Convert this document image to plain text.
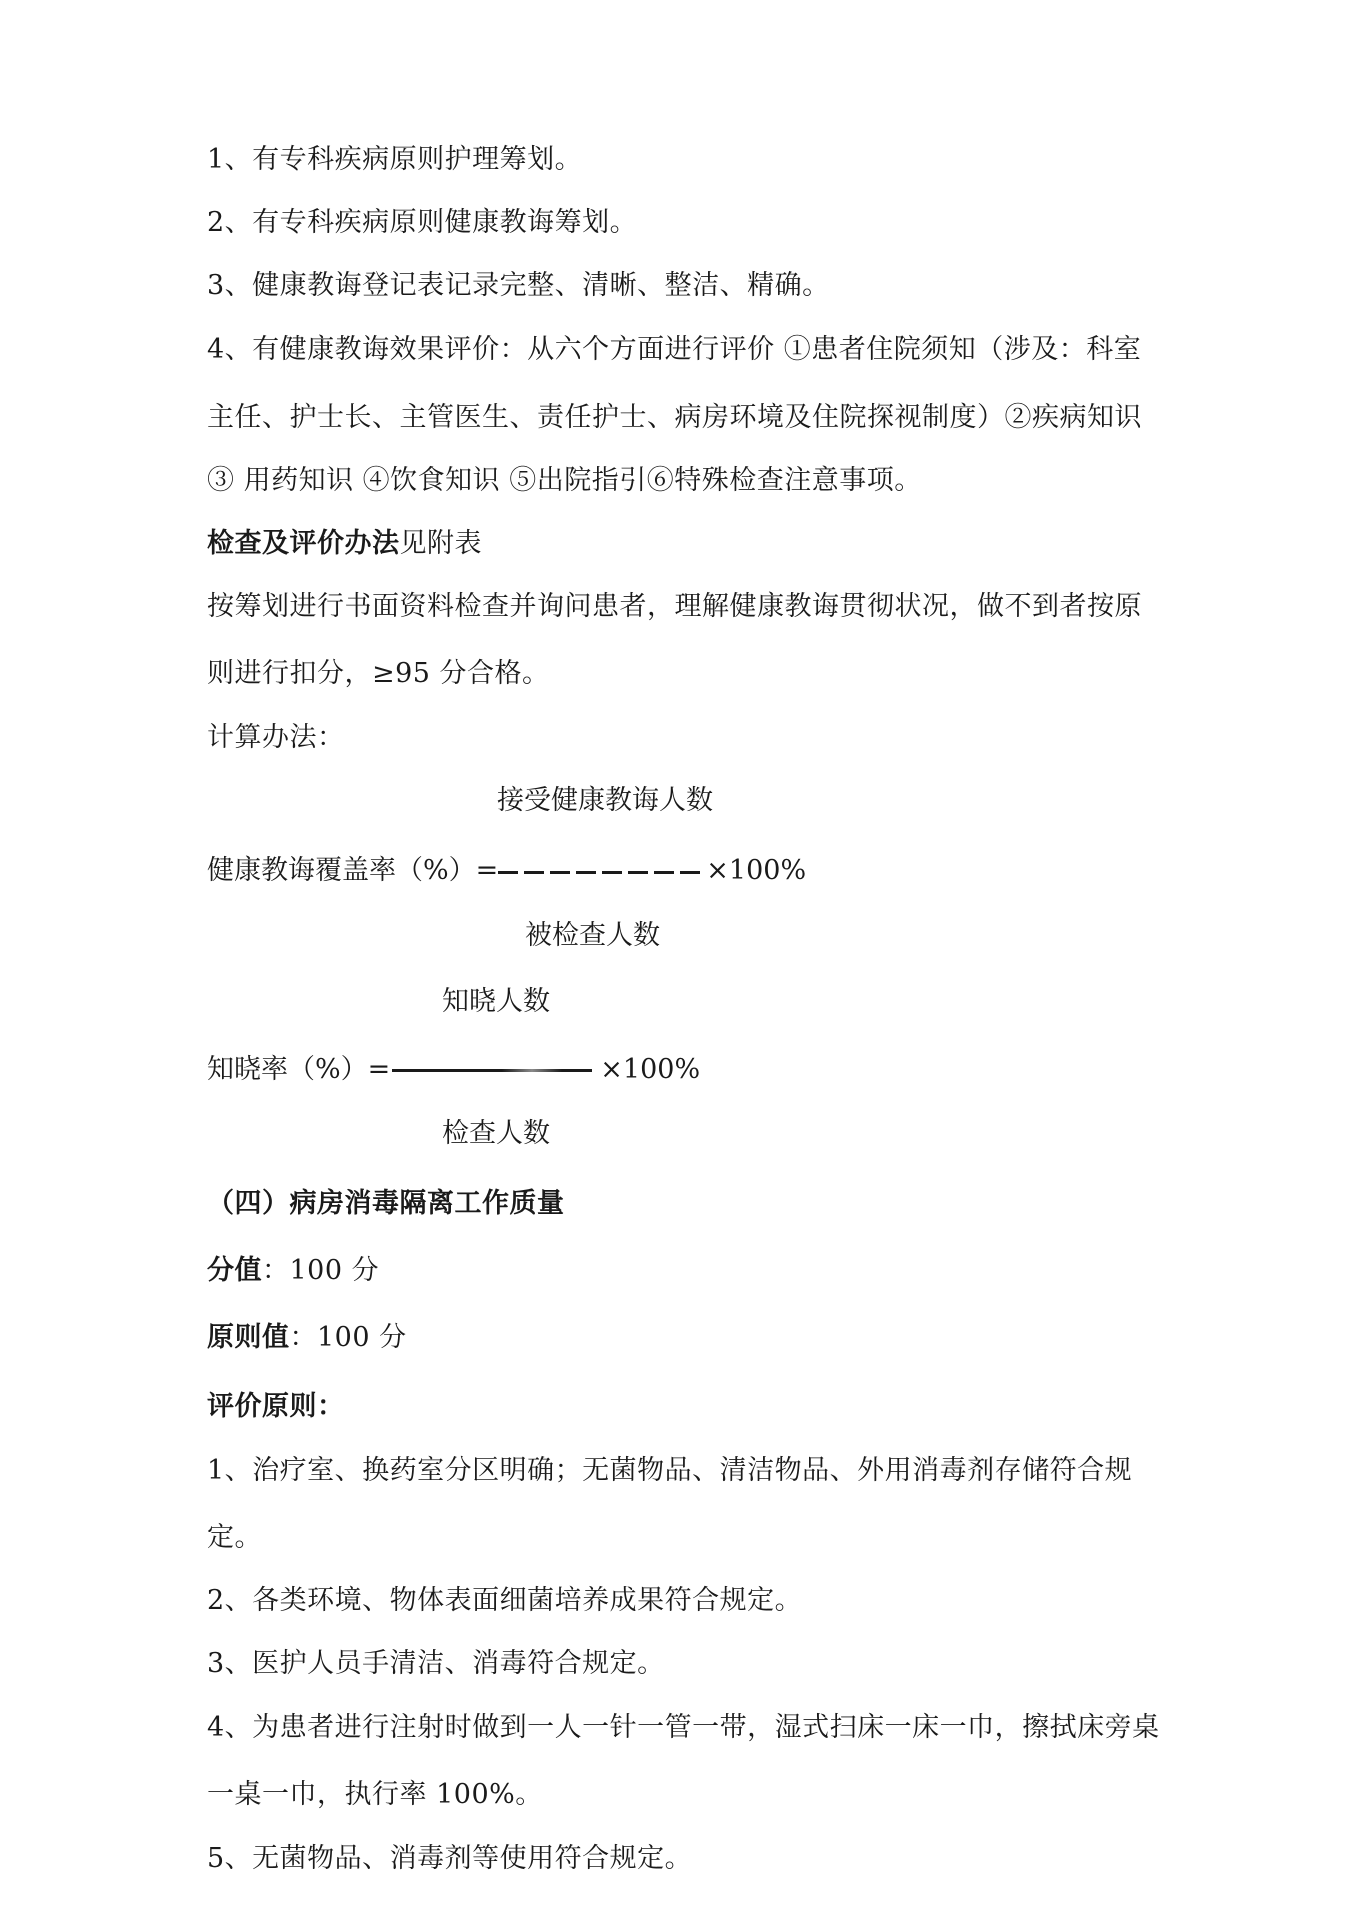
1、有专科疾病原则护理筹划。
2、有专科疾病原则健康教诲筹划。
3、健康教诲登记表记录完整、清晰、整洁、精确。
4、有健康教诲效果评价：从六个方面进行评价 ①患者住院须知（涉及：科室
主任、护士长、主管医生、责任护士、病房环境及住院探视制度）②疾病知识
③ 用药知识 ④饮食知识 ⑤出院指引⑥特殊检查注意事项。
检查及评价办法见附表
按筹划进行书面资料检查并询问患者，理解健康教诲贯彻状况，做不到者按原
则进行扣分，≥95 分合格。
计算办法：
接受健康教诲人数
健康教诲覆盖率（%）=	×100%
被检查人数
知晓人数
知晓率（%）=	×100%
检查人数
（四）病房消毒隔离工作质量
分值：100 分
原则值：100 分
评价原则：
1、治疗室、换药室分区明确；无菌物品、清洁物品、外用消毒剂存储符合规
定。
2、各类环境、物体表面细菌培养成果符合规定。
3、医护人员手清洁、消毒符合规定。
4、为患者进行注射时做到一人一针一管一带，湿式扫床一床一巾，擦拭床旁桌
一桌一巾，执行率 100%。
5、无菌物品、消毒剂等使用符合规定。
